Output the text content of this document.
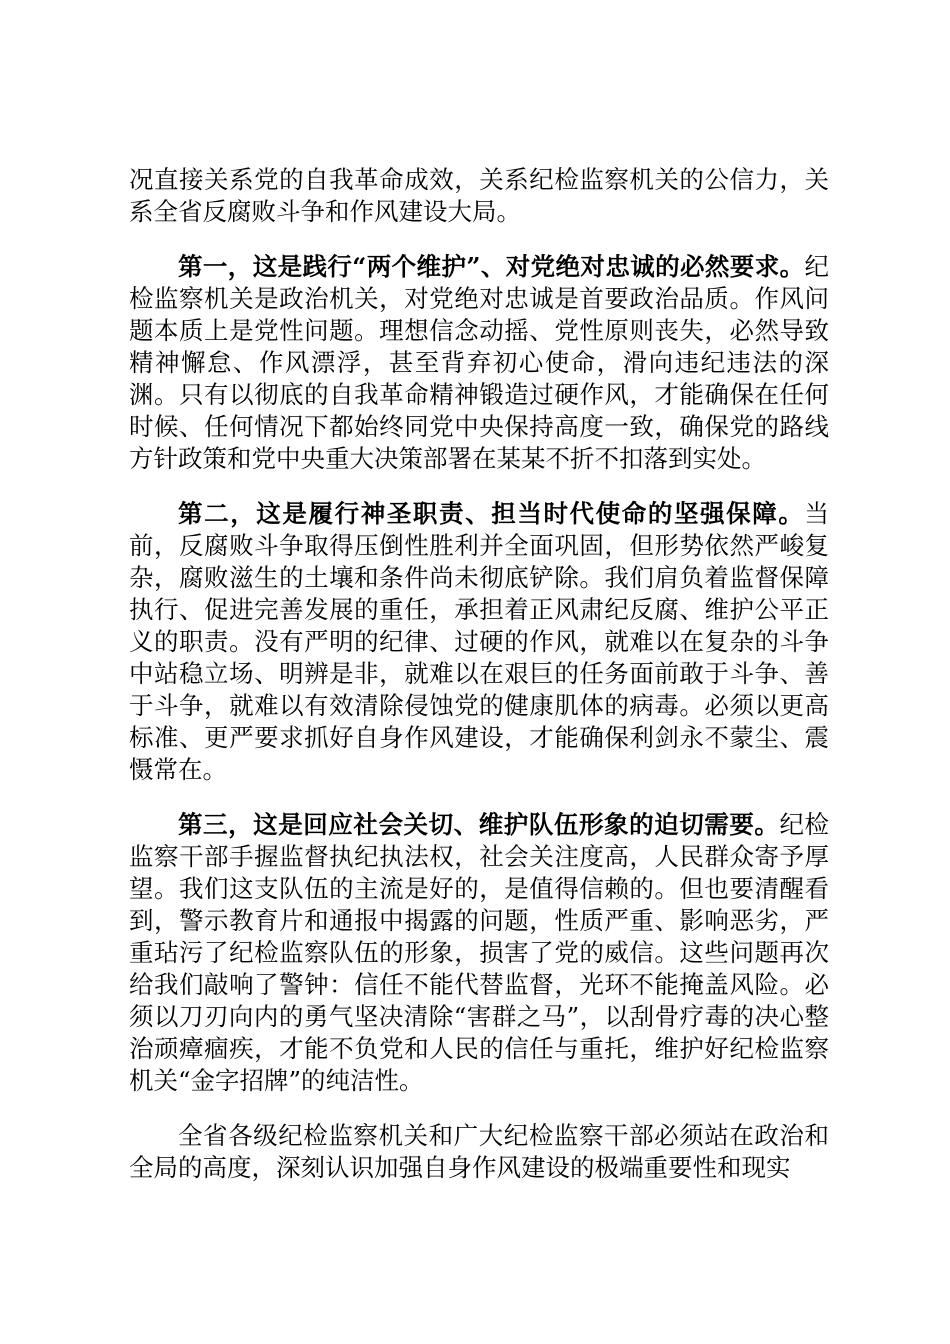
况直接关系党的自我革命成效，关系纪检监察机关的公信力，关系全省反腐败斗争和作风建设大局。

第一，这是践行“两个维护”、对党绝对忠诚的必然要求。纪检监察机关是政治机关，对党绝对忠诚是首要政治品质。作风问题本质上是党性问题。理想信念动摇、党性原则丧失，必然导致精神懈怠、作风漂浮，甚至背弃初心使命，滑向违纪违法的深渊。只有以彻底的自我革命精神锻造过硬作风，才能确保在任何时候、任何情况下都始终同党中央保持高度一致，确保党的路线方针政策和党中央重大决策部署在某某不折不扣落到实处。

第二，这是履行神圣职责、担当时代使命的坚强保障。当前，反腐败斗争取得压倒性胜利并全面巩固，但形势依然严峻复杂，腐败滋生的土壤和条件尚未彻底铲除。我们肩负着监督保障执行、促进完善发展的重任，承担着正风肃纪反腐、维护公平正义的职责。没有严明的纪律、过硬的作风，就难以在复杂的斗争中站稳立场、明辨是非，就难以在艰巨的任务面前敢于斗争、善于斗争，就难以有效清除侵蚀党的健康肌体的病毒。必须以更高标准、更严要求抓好自身作风建设，才能确保利剑永不蒙尘、震慑常在。

第三，这是回应社会关切、维护队伍形象的迫切需要。纪检监察干部手握监督执纪执法权，社会关注度高，人民群众寄予厚望。我们这支队伍的主流是好的，是值得信赖的。但也要清醒看到，警示教育片和通报中揭露的问题，性质严重、影响恶劣，严重玷污了纪检监察队伍的形象，损害了党的威信。这些问题再次给我们敲响了警钟：信任不能代替监督，光环不能掩盖风险。必须以刀刃向内的勇气坚决清除“害群之马”，以刮骨疗毒的决心整治顽瘴痼疾，才能不负党和人民的信任与重托，维护好纪检监察机关“金字招牌”的纯洁性。

全省各级纪检监察机关和广大纪检监察干部必须站在政治和全局的高度，深刻认识加强自身作风建设的极端重要性和现实
